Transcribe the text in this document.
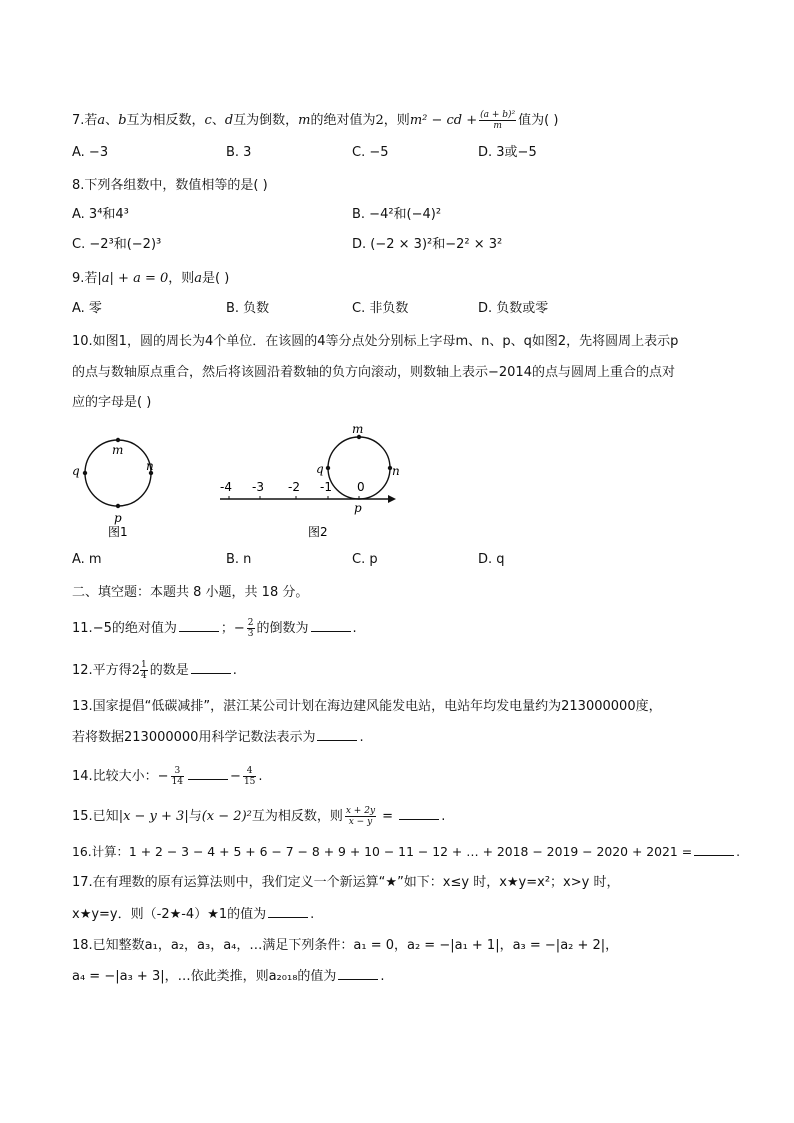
7.若a、b互为相反数，c、d互为倒数，m的绝对值为2，则m² − cd + $\frac{\text{(a + b)²}}{m}$ 值为( )
A. −3	B. 3	C. −5	D. 3或−5
8.下列各组数中，数值相等的是( )
A. 3⁴和4³	B. −4²和(−4)²
C. −2³和(−2)³	D. (−2 × 3)²和−2² × 3²
9.若|a| + a = 0，则a是( )
A. 零	B. 负数	C. 非负数	D. 负数或零
10.如图1，圆的周长为4个单位．在该圆的4等分点处分别标上字母m、n、p、q如图2，先将圆周上表示p
的点与数轴原点重合，然后将该圆沿着数轴的负方向滚动，则数轴上表示−2014的点与圆周上重合的点对
应的字母是( )
m
n
p
q
图1
m
n
q
p
-4 -3 -2 -1 0
图2
A. m	B. n	C. p	D. q
二、填空题：本题共 8 小题，共 18 分。
11.−5的绝对值为	；− $\frac{2}{3}$ 的倒数为	.
12.平方得$2 \frac{1}{4}$ 的数是	.
13.国家提倡“低碳减排”，湛江某公司计划在海边建风能发电站，电站年均发电量约为213000000度，
若将数据213000000用科学记数法表示为	.
14.比较大小：− $\frac{3}{14}$	− $\frac{4}{15}$ .
15.已知|x − y + 3|与(x − 2)²互为相反数，则 $\frac{x + 2y}{x - y}$ =	.
16.计算：1 + 2 − 3 − 4 + 5 + 6 − 7 − 8 + 9 + 10 − 11 − 12 + … + 2018 − 2019 − 2020 + 2021 =	.
17.在有理数的原有运算法则中，我们定义一个新运算“★”如下：x≤y 时，x★y=x²；x>y 时，
x★y=y．则（-2★-4）★1的值为	.
18.已知整数a₁，a₂，a₃，a₄，…满足下列条件：a₁ = 0，a₂ = −|a₁ + 1|，a₃ = −|a₂ + 2|，
a₄ = −|a₃ + 3|，…依此类推，则a₂₀₁₈的值为	.
